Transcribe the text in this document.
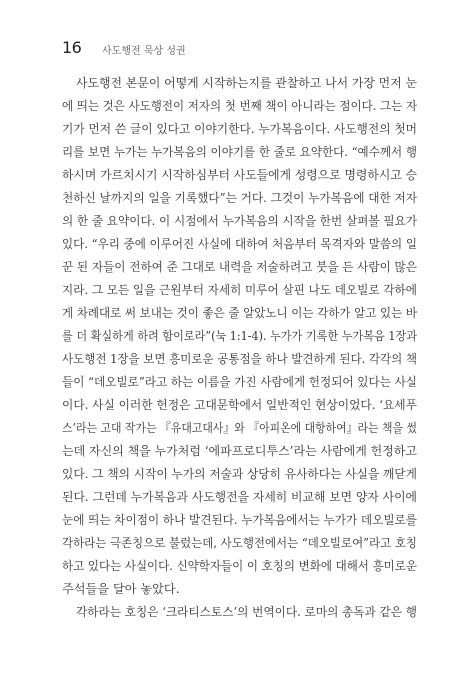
16 사도행전 묵상 성권
사도행전 본문이 어떻게 시작하는지를 관찰하고 나서 가장 먼저 눈
에 띄는 것은 사도행전이 저자의 첫 번째 책이 아니라는 점이다. 그는 자
기가 먼저 쓴 글이 있다고 이야기한다. 누가복음이다. 사도행전의 첫머
리를 보면 누가는 누가복음의 이야기를 한 줄로 요약한다. “예수께서 행
하시며 가르치시기 시작하심부터 사도들에게 성령으로 명령하시고 승
천하신 날까지의 일을 기록했다”는 거다. 그것이 누가복음에 대한 저자
의 한 줄 요약이다. 이 시점에서 누가복음의 시작을 한번 살펴볼 필요가
있다. “우리 중에 이루어진 사실에 대하여 처음부터 목격자와 말씀의 일
꾼 된 자들이 전하여 준 그대로 내력을 저술하려고 붓을 든 사람이 많은
지라. 그 모든 일을 근원부터 자세히 미루어 살핀 나도 데오빌로 각하에
게 차례대로 써 보내는 것이 좋은 줄 알았노니 이는 각하가 알고 있는 바
를 더 확실하게 하려 함이로라”(눅 1:1-4). 누가가 기록한 누가복음 1장과
사도행전 1장을 보면 흥미로운 공통점을 하나 발견하게 된다. 각각의 책
들이 “데오빌로”라고 하는 이름을 가진 사람에게 헌정되어 있다는 사실
이다. 사실 이러한 헌정은 고대문학에서 일반적인 현상이었다. ‘요세푸
스’라는 고대 작가는 『유대고대사』와 『아피온에 대항하여』라는 책을 썼
는데 자신의 책을 누가처럼 ‘에파프로디투스’라는 사람에게 헌정하고
있다. 그 책의 시작이 누가의 저술과 상당히 유사하다는 사실을 깨닫게
된다. 그런데 누가복음과 사도행전을 자세히 비교해 보면 양자 사이에
눈에 띄는 차이점이 하나 발견된다. 누가복음에서는 누가가 데오빌로를
각하라는 극존칭으로 불렀는데, 사도행전에서는 “데오빌로여”라고 호칭
하고 있다는 사실이다. 신약학자들이 이 호칭의 변화에 대해서 흥미로운
주석들을 달아 놓았다.
각하라는 호칭은 ‘크라티스토스’의 번역이다. 로마의 총독과 같은 행
